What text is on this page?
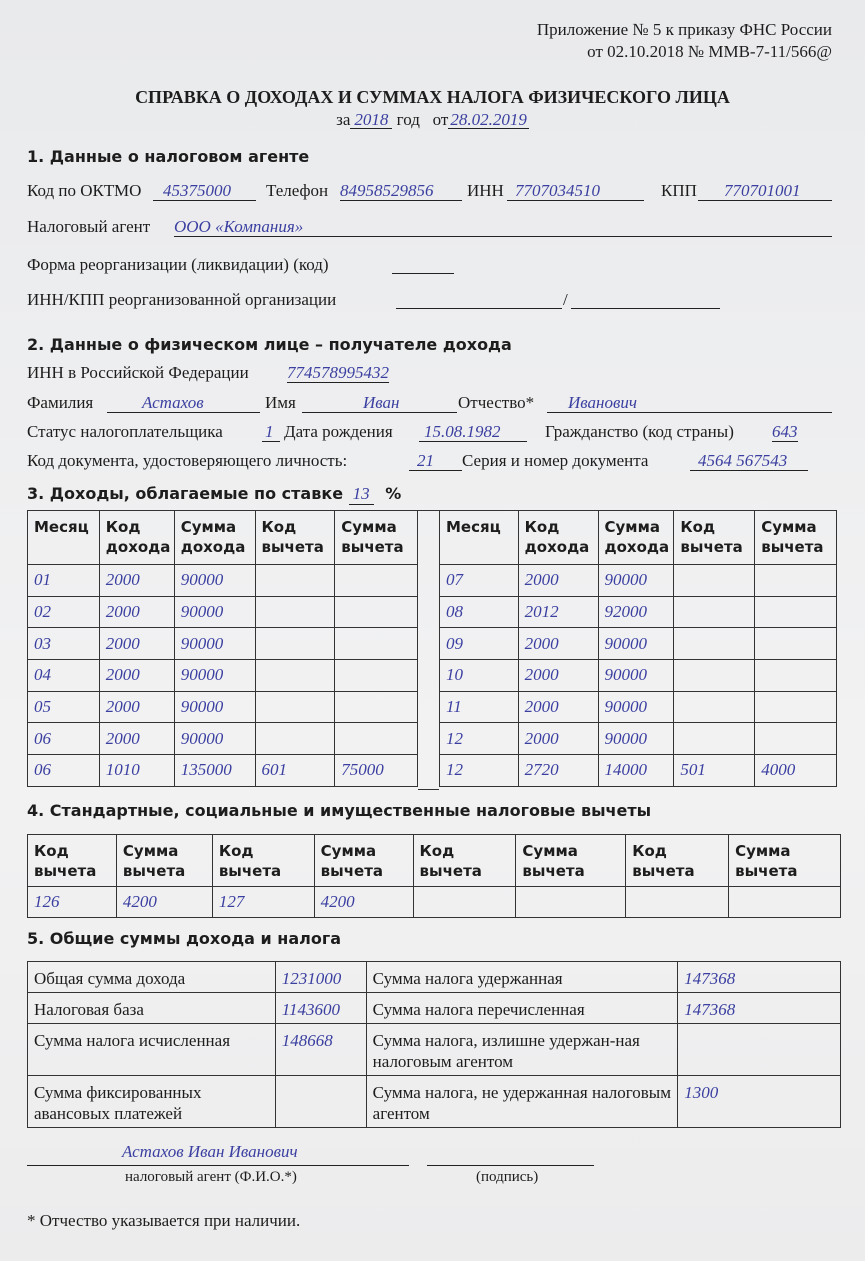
Приложение № 5 к приказу ФНС России
от 02.10.2018 № ММВ-7-11/566@
СПРАВКА О ДОХОДАХ И СУММАХ НАЛОГА ФИЗИЧЕСКОГО ЛИЦА
за 2018 год от 28.02.2019
1. Данные о налоговом агенте
Код по ОКТМО	45375000	Телефон 84958529856	ИНН 7707034510	КПП	770701001
Налоговый агент ООО «Компания»
Форма реорганизации (ликвидации) (код)
ИНН/КПП реорганизованной организации	/
2. Данные о физическом лице – получателе дохода
ИНН в Российской Федерации 774578995432
Фамилия	Астахов	Имя	Иван	Отчество*	Иванович
Статус налогоплательщика 1 Дата рождения 15.08.1982	Гражданство (код страны) 643
Код документа, удостоверяющего личность:	21	Серия и номер документа	4564 567543
3. Доходы, облагаемые по ставке 13 %
Месяц	Код дохода	Сумма дохода	Код вычета	Сумма вычета
01	2000	90000		
02	2000	90000		
03	2000	90000		
04	2000	90000		
05	2000	90000		
06	2000	90000		
06	1010	135000	601	75000
Месяц	Код дохода	Сумма дохода	Код вычета	Сумма вычета
07	2000	90000		
08	2012	92000		
09	2000	90000		
10	2000	90000		
11	2000	90000		
12	2000	90000		
12	2720	14000	501	4000
4. Стандартные, социальные и имущественные налоговые вычеты
Код вычета	Сумма вычета	Код вычета	Сумма вычета	Код вычета	Сумма вычета	Код вычета	Сумма вычета
126	4200	127	4200				
5. Общие суммы дохода и налога
Общая сумма дохода	1231000	Сумма налога удержанная	147368
Налоговая база	1143600	Сумма налога перечисленная	147368
Сумма налога исчисленная	148668	Сумма налога, излишне удержан-ная налоговым агентом	
Сумма фиксированных авансовых платежей		Сумма налога, не удержанная налоговым агентом	1300
Астахов Иван Иванович
налоговый агент (Ф.И.О.*)	(подпись)
* Отчество указывается при наличии.
